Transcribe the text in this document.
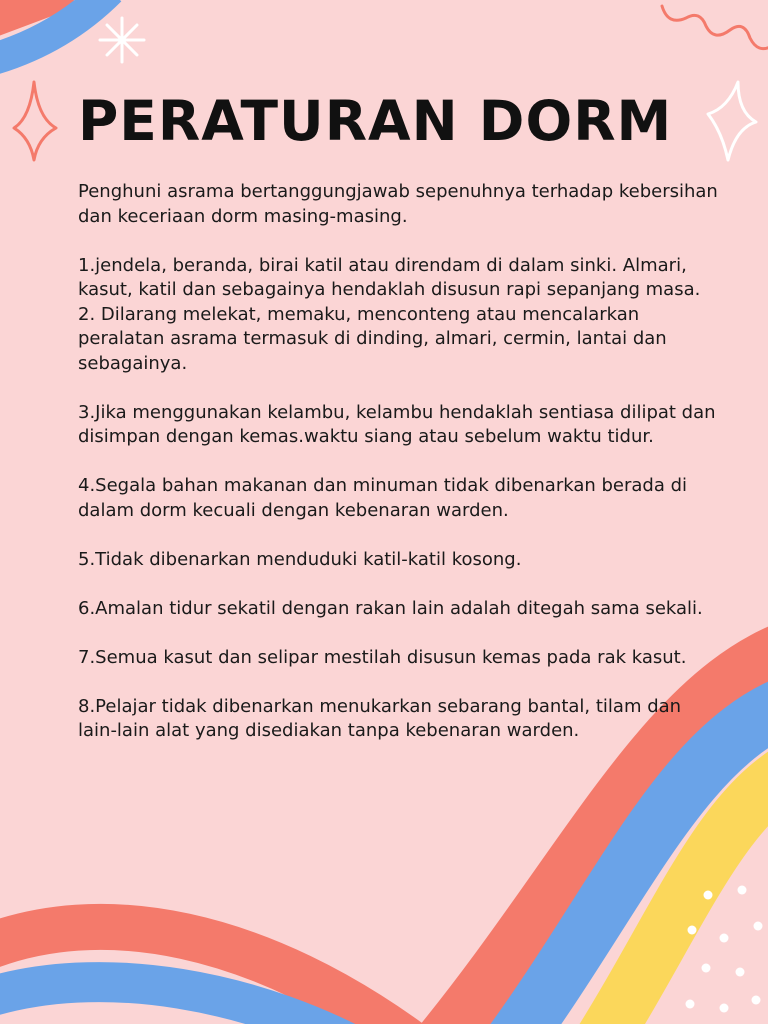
PERATURAN DORM

Penghuni asrama bertanggungjawab sepenuhnya terhadap kebersihan dan keceriaan dorm masing-masing.

1.jendela, beranda, birai katil atau direndam di dalam sinki. Almari, kasut, katil dan sebagainya hendaklah disusun rapi sepanjang masa.

2. Dilarang melekat, memaku, menconteng atau mencalarkan peralatan asrama termasuk di dinding, almari, cermin, lantai dan sebagainya.

3.Jika menggunakan kelambu, kelambu hendaklah sentiasa dilipat dan disimpan dengan kemas.waktu siang atau sebelum waktu tidur.

4.Segala bahan makanan dan minuman tidak dibenarkan berada di dalam dorm kecuali dengan kebenaran warden.

5.Tidak dibenarkan menduduki katil-katil kosong.

6.Amalan tidur sekatil dengan rakan lain adalah ditegah sama sekali.

7.Semua kasut dan selipar mestilah disusun kemas pada rak kasut.

8.Pelajar tidak dibenarkan menukarkan sebarang bantal, tilam dan lain-lain alat yang disediakan tanpa kebenaran warden.
